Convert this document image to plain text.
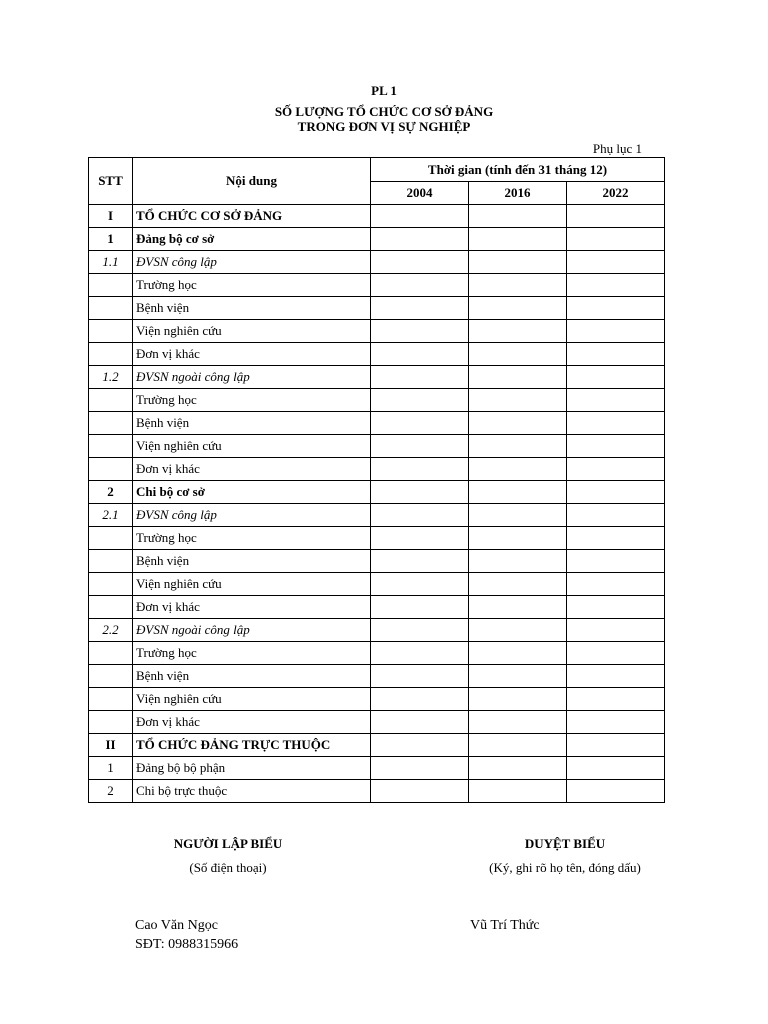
PL 1
SỐ LƯỢNG TỔ CHỨC CƠ SỞ ĐẢNG
TRONG ĐƠN VỊ SỰ NGHIỆP
Phụ lục 1
STT	Nội dung	Thời gian (tính đến 31 tháng 12)		
		2004	2016	2022
I	TỔ CHỨC CƠ SỞ ĐẢNG			
1	Đảng bộ cơ sở			
1.1	ĐVSN công lập			
	Trường học			
	Bệnh viện			
	Viện nghiên cứu			
	Đơn vị khác			
1.2	ĐVSN ngoài công lập			
	Trường học			
	Bệnh viện			
	Viện nghiên cứu			
	Đơn vị khác			
2	Chi bộ cơ sở			
2.1	ĐVSN công lập			
	Trường học			
	Bệnh viện			
	Viện nghiên cứu			
	Đơn vị khác			
2.2	ĐVSN ngoài công lập			
	Trường học			
	Bệnh viện			
	Viện nghiên cứu			
	Đơn vị khác			
II	TỔ CHỨC ĐẢNG TRỰC THUỘC			
1	Đảng bộ bộ phận			
2	Chi bộ trực thuộc			
NGƯỜI LẬP BIỂU
(Số điện thoại)
DUYỆT BIỂU
(Ký, ghi rõ họ tên, đóng dấu)
Cao Văn Ngọc
SĐT: 0988315966
Vũ Trí Thức
